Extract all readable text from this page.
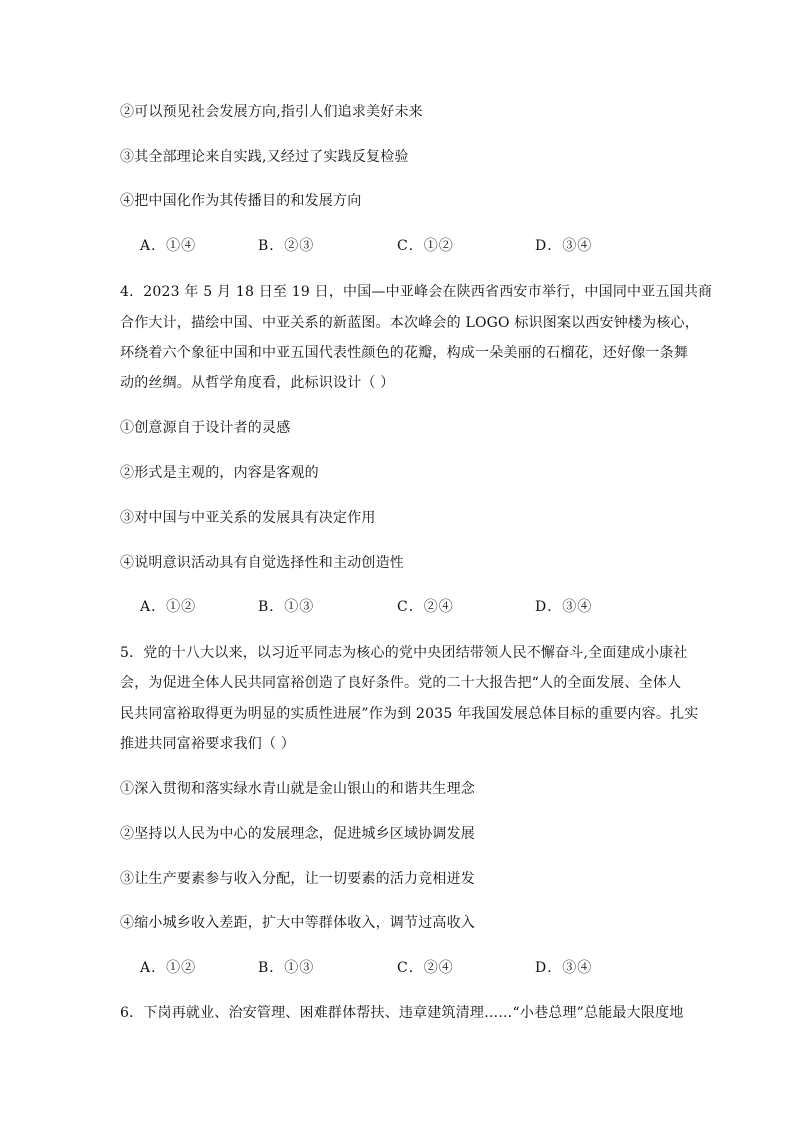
②可以预见社会发展方向,指引人们追求美好未来
③其全部理论来自实践,又经过了实践反复检验
④把中国化作为其传播目的和发展方向
A．①④	B．②③	C．①②	D．③④
4．2023 年 5 月 18 日至 19 日，中国—中亚峰会在陕西省西安市举行，中国同中亚五国共商
合作大计，描绘中国、中亚关系的新蓝图。本次峰会的 LOGO 标识图案以西安钟楼为核心，
环绕着六个象征中国和中亚五国代表性颜色的花瓣，构成一朵美丽的石榴花，还好像一条舞
动的丝绸。从哲学角度看，此标识设计（ ）
①创意源自于设计者的灵感
②形式是主观的，内容是客观的
③对中国与中亚关系的发展具有决定作用
④说明意识活动具有自觉选择性和主动创造性
A．①②	B．①③	C．②④	D．③④
5．党的十八大以来，以习近平同志为核心的党中央团结带领人民不懈奋斗,全面建成小康社
会，为促进全体人民共同富裕创造了良好条件。党的二十大报告把“人的全面发展、全体人
民共同富裕取得更为明显的实质性进展”作为到 2035 年我国发展总体目标的重要内容。扎实
推进共同富裕要求我们（ ）
①深入贯彻和落实绿水青山就是金山银山的和谐共生理念
②坚持以人民为中心的发展理念，促进城乡区域协调发展
③让生产要素参与收入分配，让一切要素的活力竞相迸发
④缩小城乡收入差距，扩大中等群体收入，调节过高收入
A．①②	B．①③	C．②④	D．③④
6．下岗再就业、治安管理、困难群体帮扶、违章建筑清理……“小巷总理”总能最大限度地
